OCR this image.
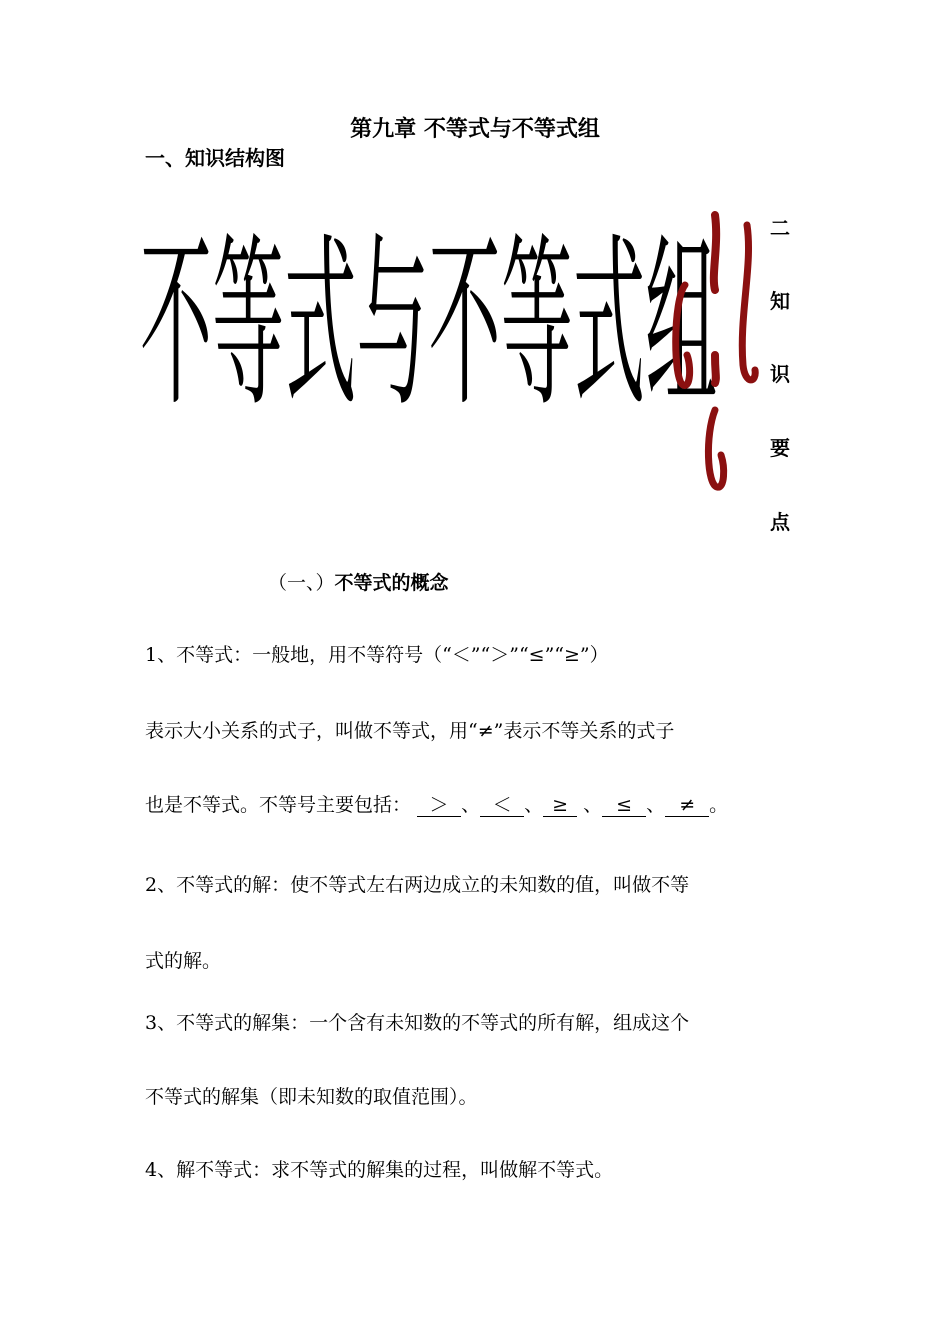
第九章 不等式与不等式组
一、知识结构图
不等式与不等式组	二
知
识
要
点
（一、）不等式的概念
1、不等式：一般地，用不等符号（“＜”“＞”“≤”“≥”）
表示大小关系的式子，叫做不等式，用“≠”表示不等关系的式子
也是不等式。不等号主要包括： ＞ 、 ＜ 、 ≥ 、 ≤ 、 ≠ 。
2、不等式的解：使不等式左右两边成立的未知数的值，叫做不等
式的解。
3、不等式的解集：一个含有未知数的不等式的所有解，组成这个
不等式的解集（即未知数的取值范围）。
4、解不等式：求不等式的解集的过程，叫做解不等式。
